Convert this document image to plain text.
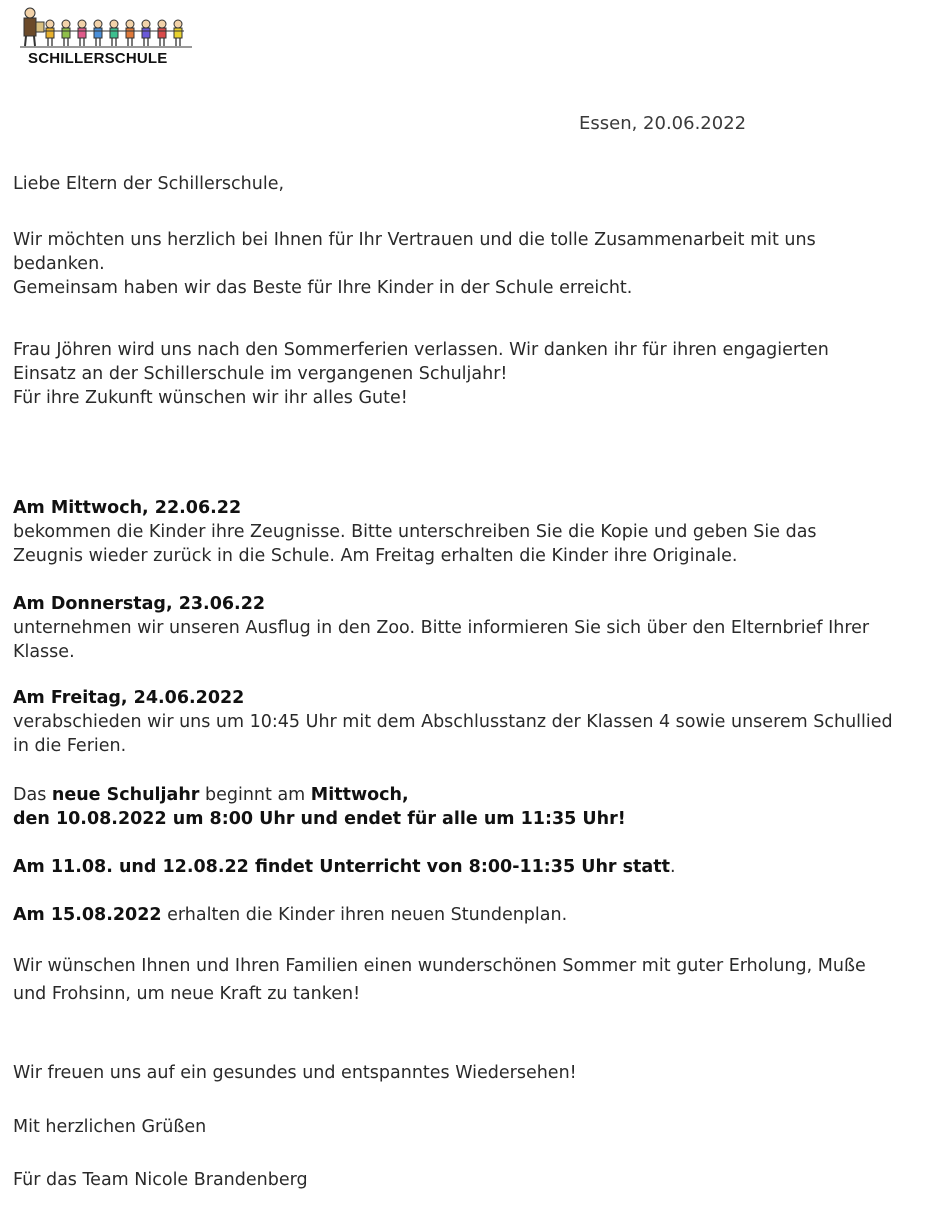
SCHILLERSCHULE
Essen, 20.06.2022

Liebe Eltern der Schillerschule,

Wir möchten uns herzlich bei Ihnen für Ihr Vertrauen und die tolle Zusammenarbeit mit uns
bedanken.
Gemeinsam haben wir das Beste für Ihre Kinder in der Schule erreicht.

Frau Jöhren wird uns nach den Sommerferien verlassen. Wir danken ihr für ihren engagierten
Einsatz an der Schillerschule im vergangenen Schuljahr!
Für ihre Zukunft wünschen wir ihr alles Gute!

Am Mittwoch, 22.06.22
bekommen die Kinder ihre Zeugnisse. Bitte unterschreiben Sie die Kopie und geben Sie das
Zeugnis wieder zurück in die Schule. Am Freitag erhalten die Kinder ihre Originale.

Am Donnerstag, 23.06.22
unternehmen wir unseren Ausflug in den Zoo. Bitte informieren Sie sich über den Elternbrief Ihrer
Klasse.

Am Freitag, 24.06.2022
verabschieden wir uns um 10:45 Uhr mit dem Abschlusstanz der Klassen 4 sowie unserem Schullied
in die Ferien.

Das neue Schuljahr beginnt am Mittwoch,
den 10.08.2022 um 8:00 Uhr und endet für alle um 11:35 Uhr!

Am 11.08. und 12.08.22 findet Unterricht von 8:00-11:35 Uhr statt.

Am 15.08.2022 erhalten die Kinder ihren neuen Stundenplan.

Wir wünschen Ihnen und Ihren Familien einen wunderschönen Sommer mit guter Erholung, Muße
und Frohsinn, um neue Kraft zu tanken!

Wir freuen uns auf ein gesundes und entspanntes Wiedersehen!

Mit herzlichen Grüßen

Für das Team Nicole Brandenberg
